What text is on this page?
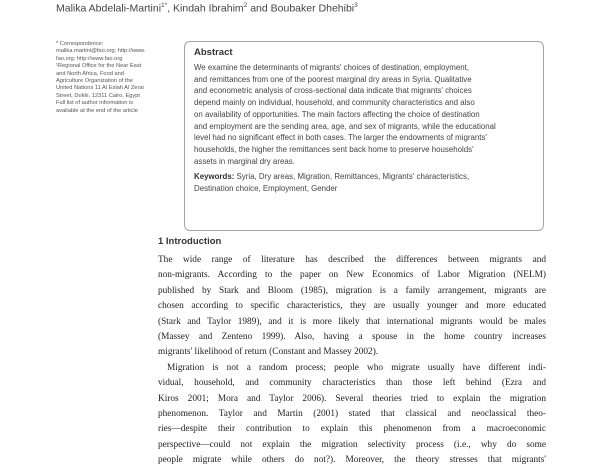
Malika Abdelali-Martini$^{1*}$, Kindah Ibrahim$^2$ and Boubaker Dhehibi$^3$
* Correspondence:
malika.martini@fao.org; http://www.
fao.org; http://www.fao.org
¹Regional Office for the Near East
and North Africa, Food and
Agriculture Organization of the
United Nations 11 Al Eslah Al Zerai
Street, Dokki, 12311 Cairo, Egypt
Full list of author information is
available at the end of the article
Abstract
We examine the determinants of migrants' choices of destination, employment,
and remittances from one of the poorest marginal dry areas in Syria. Qualitative
and econometric analysis of cross-sectional data indicate that migrants' choices
depend mainly on individual, household, and community characteristics and also
on availability of opportunities. The main factors affecting the choice of destination
and employment are the sending area, age, and sex of migrants, while the educational
level had no significant effect in both cases. The larger the endowments of migrants'
households, the higher the remittances sent back home to preserve households'
assets in marginal dry areas.
Keywords: Syria, Dry areas, Migration, Remittances, Migrants' characteristics,
Destination choice, Employment, Gender
1 Introduction
The wide range of literature has described the differences between migrants and
non-migrants. According to the paper on New Economics of Labor Migration (NELM)
published by Stark and Bloom (1985), migration is a family arrangement, migrants are
chosen according to specific characteristics, they are usually younger and more educated
(Stark and Taylor 1989), and it is more likely that international migrants would be males
(Massey and Zenteno 1999). Also, having a spouse in the home country increases
migrants' likelihood of return (Constant and Massey 2002).
Migration is not a random process; people who migrate usually have different indi-
vidual, household, and community characteristics than those left behind (Ezra and
Kiros 2001; Mora and Taylor 2006). Several theories tried to explain the migration
phenomenon. Taylor and Martin (2001) stated that classical and neoclassical theo-
ries—despite their contribution to explain this phenomenon from a macroeconomic
perspective—could not explain the migration selectivity process (i.e., why do some
people migrate while others do not?). Moreover, the theory stresses that migrants'
